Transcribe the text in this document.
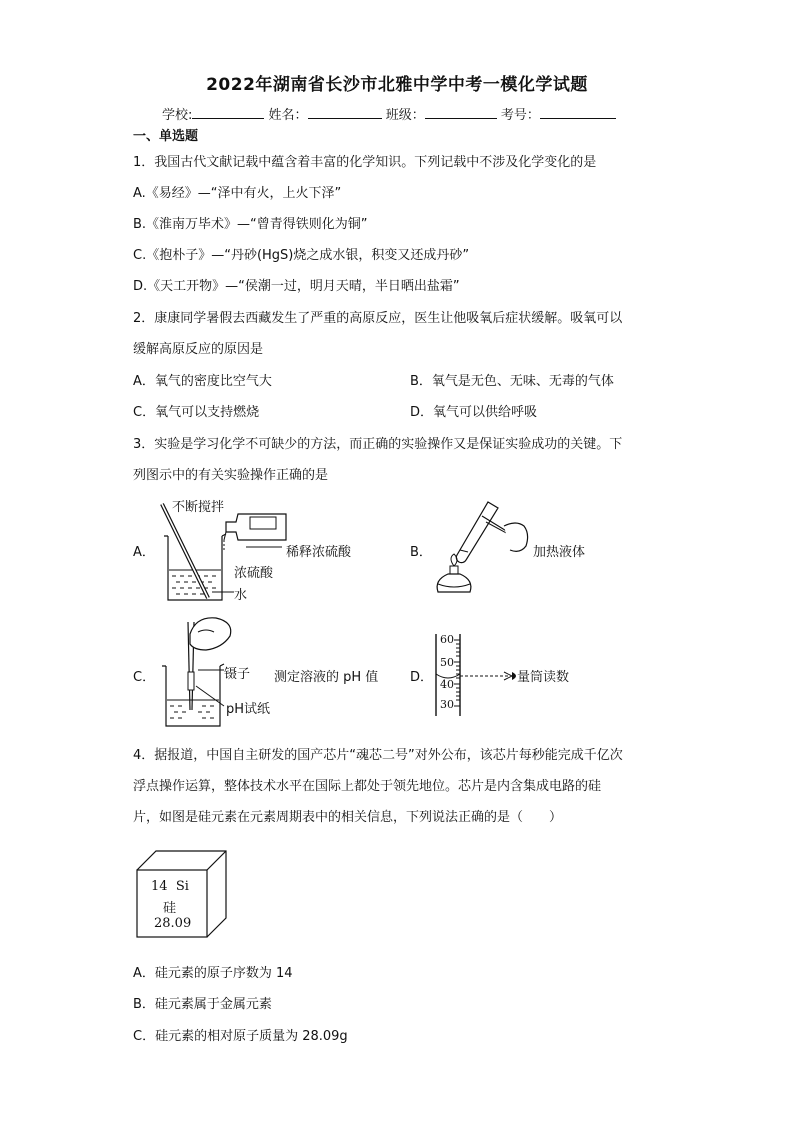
2022年湖南省长沙市北雅中学中考一模化学试题
学校:	姓名：	班级：	考号：
一、单选题
1．我国古代文献记载中蕴含着丰富的化学知识。下列记载中不涉及化学变化的是
A.《易经》—“泽中有火，上火下泽”
B.《淮南万毕术》—“曾青得铁则化为铜”
C.《抱朴子》—“丹砂(HgS)烧之成水银，积变又还成丹砂”
D.《天工开物》—“侯潮一过，明月天晴，半日晒出盐霜”
2．康康同学暑假去西藏发生了严重的高原反应，医生让他吸氧后症状缓解。吸氧可以
缓解高原反应的原因是
A．氧气的密度比空气大	B．氧气是无色、无味、无毒的气体
C．氧气可以支持燃烧	D．氧气可以供给呼吸
3．实验是学习化学不可缺少的方法，而正确的实验操作又是保证实验成功的关键。下
列图示中的有关实验操作正确的是
A．
不断搅拌
稀释浓硫酸
浓硫酸
水
B．	加热液体
C．	镊子 测定溶液的 pH 值
pH试纸
D．
60
50
40
30
量筒读数
4．据报道，中国自主研发的国产芯片“魂芯二号”对外公布，该芯片每秒能完成千亿次
浮点操作运算，整体技术水平在国际上都处于领先地位。芯片是内含集成电路的硅
片，如图是硅元素在元素周期表中的相关信息，下列说法正确的是（　　）
14 Si
硅
28.09
A．硅元素的原子序数为 14
B．硅元素属于金属元素
C．硅元素的相对原子质量为 28.09g
